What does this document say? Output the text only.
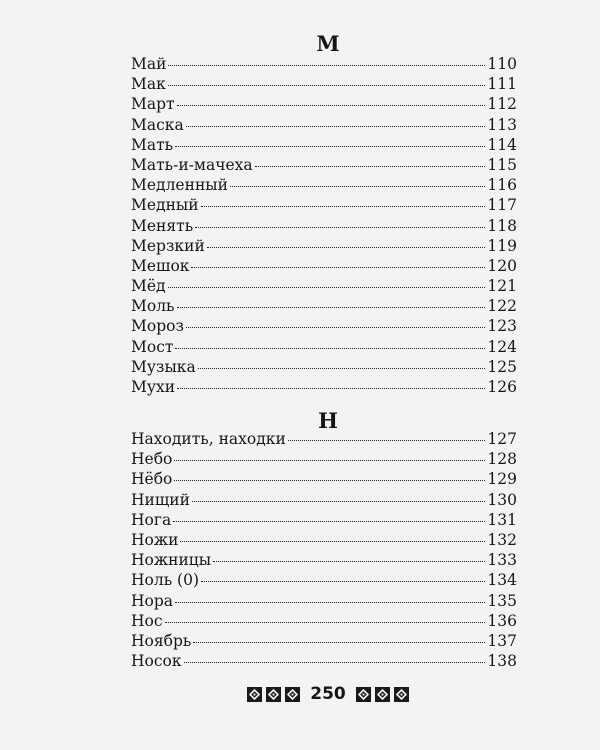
М
Май	110
Мак	111
Март	112
Маска	113
Мать	114
Мать-и-мачеха	115
Медленный	116
Медный	117
Менять	118
Мерзкий	119
Мешок	120
Мёд	121
Моль	122
Мороз	123
Мост	124
Музыка	125
Мухи	126
Н
Находить, находки	127
Небо	128
Нёбо	129
Нищий	130
Нога	131
Ножи	132
Ножницы	133
Ноль (0)	134
Нора	135
Нос	136
Ноябрь	137
Носок	138
250
